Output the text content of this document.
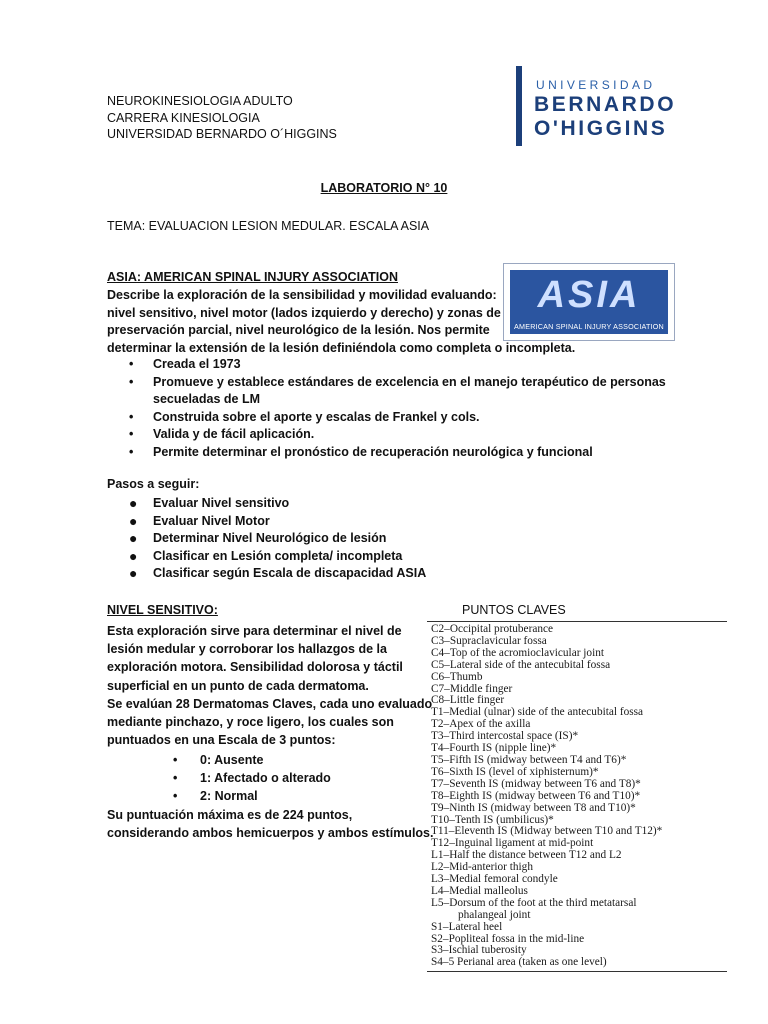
NEUROKINESIOLOGIA ADULTO
CARRERA KINESIOLOGIA
UNIVERSIDAD BERNARDO O´HIGGINS
UNIVERSIDAD
BERNARDO
O'HIGGINS
LABORATORIO N° 10
TEMA: EVALUACION LESION MEDULAR. ESCALA ASIA
ASIA: AMERICAN SPINAL INJURY ASSOCIATION
Describe la exploración de la sensibilidad y movilidad evaluando:
nivel sensitivo, nivel motor (lados izquierdo y derecho) y zonas de
preservación parcial, nivel neurológico de la lesión. Nos permite
determinar la extensión de la lesión definiéndola como completa o incompleta.
ASIA
AMERICAN SPINAL INJURY ASSOCIATION
• Creada el 1973
• Promueve y establece estándares de excelencia en el manejo terapéutico de personas secueladas de LM
• Construida sobre el aporte y escalas de Frankel y cols.
• Valida y de fácil aplicación.
• Permite determinar el pronóstico de recuperación neurológica y funcional
Pasos a seguir:
● Evaluar Nivel sensitivo
● Evaluar Nivel Motor
● Determinar Nivel Neurológico de lesión
● Clasificar en Lesión completa/ incompleta
● Clasificar según Escala de discapacidad ASIA
NIVEL SENSITIVO:
Esta exploración sirve para determinar el nivel de
lesión medular y corroborar los hallazgos de la
exploración motora. Sensibilidad dolorosa y táctil
superficial en un punto de cada dermatoma.
Se evalúan 28 Dermatomas Claves, cada uno evaluado
mediante pinchazo, y roce ligero, los cuales son
puntuados en una Escala de 3 puntos:
• 0: Ausente
• 1: Afectado o alterado
• 2: Normal
Su puntuación máxima es de 224 puntos,
considerando ambos hemicuerpos y ambos estímulos.
PUNTOS CLAVES
C2–Occipital protuberance
C3–Supraclavicular fossa
C4–Top of the acromioclavicular joint
C5–Lateral side of the antecubital fossa
C6–Thumb
C7–Middle finger
C8–Little finger
T1–Medial (ulnar) side of the antecubital fossa
T2–Apex of the axilla
T3–Third intercostal space (IS)*
T4–Fourth IS (nipple line)*
T5–Fifth IS (midway between T4 and T6)*
T6–Sixth IS (level of xiphisternum)*
T7–Seventh IS (midway between T6 and T8)*
T8–Eighth IS (midway between T6 and T10)*
T9–Ninth IS (midway between T8 and T10)*
T10–Tenth IS (umbilicus)*
T11–Eleventh IS (Midway between T10 and T12)*
T12–Inguinal ligament at mid-point
L1–Half the distance between T12 and L2
L2–Mid-anterior thigh
L3–Medial femoral condyle
L4–Medial malleolus
L5–Dorsum of the foot at the third metatarsal
phalangeal joint
S1–Lateral heel
S2–Popliteal fossa in the mid-line
S3–Ischial tuberosity
S4–5 Perianal area (taken as one level)
